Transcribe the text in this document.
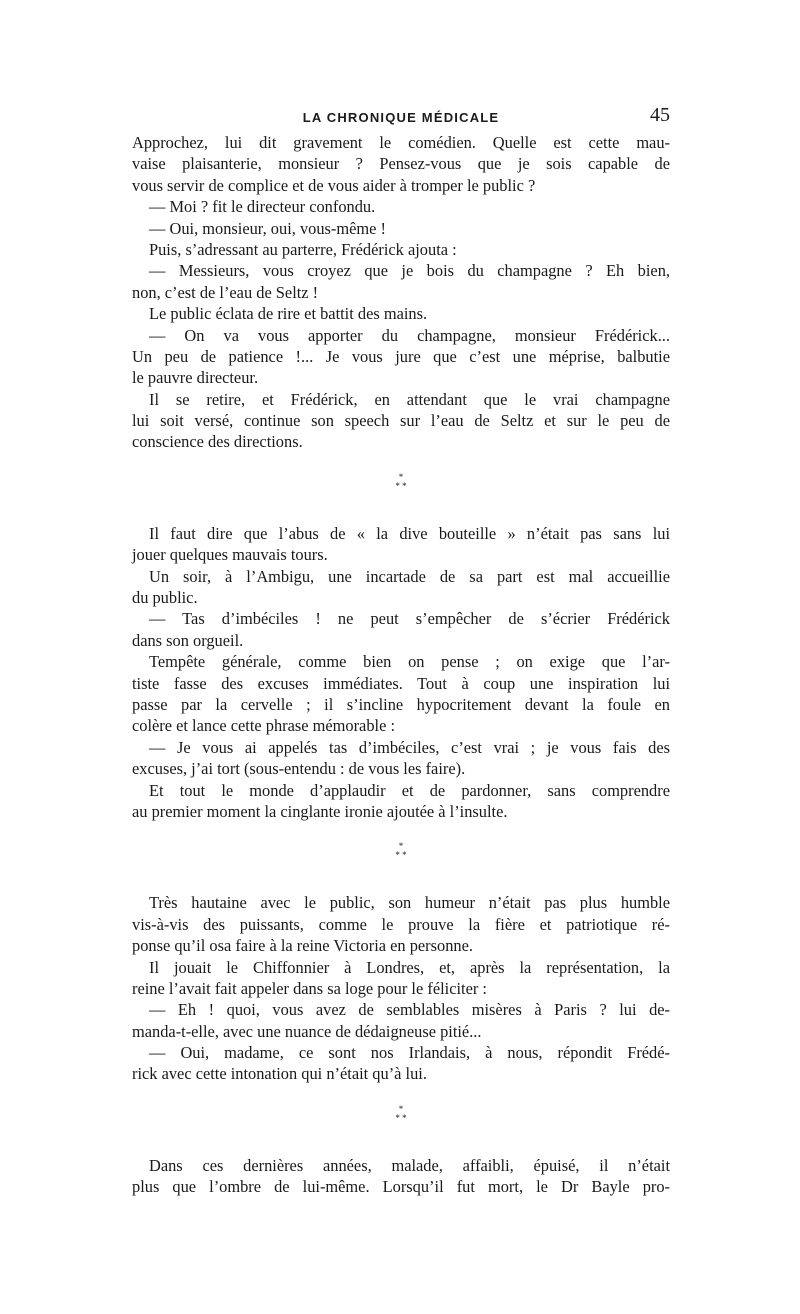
LA CHRONIQUE MÉDICALE	45
Approchez, lui dit gravement le comédien. Quelle est cette mau-
vaise plaisanterie, monsieur ? Pensez-vous que je sois capable de
vous servir de complice et de vous aider à tromper le public ?
— Moi ? fit le directeur confondu.
— Oui, monsieur, oui, vous-même !
Puis, s’adressant au parterre, Frédérick ajouta :
— Messieurs, vous croyez que je bois du champagne ? Eh bien,
non, c’est de l’eau de Seltz !
Le public éclata de rire et battit des mains.
— On va vous apporter du champagne, monsieur Frédérick...
Un peu de patience !... Je vous jure que c’est une méprise, balbutie
le pauvre directeur.
Il se retire, et Frédérick, en attendant que le vrai champagne
lui soit versé, continue son speech sur l’eau de Seltz et sur le peu de
conscience des directions.
*
* *
Il faut dire que l’abus de « la dive bouteille » n’était pas sans lui
jouer quelques mauvais tours.
Un soir, à l’Ambigu, une incartade de sa part est mal accueillie
du public.
— Tas d’imbéciles ! ne peut s’empêcher de s’écrier Frédérick
dans son orgueil.
Tempête générale, comme bien on pense ; on exige que l’ar-
tiste fasse des excuses immédiates. Tout à coup une inspiration lui
passe par la cervelle ; il s’incline hypocritement devant la foule en
colère et lance cette phrase mémorable :
— Je vous ai appelés tas d’imbéciles, c’est vrai ; je vous fais des
excuses, j’ai tort (sous-entendu : de vous les faire).
Et tout le monde d’applaudir et de pardonner, sans comprendre
au premier moment la cinglante ironie ajoutée à l’insulte.
*
* *
Très hautaine avec le public, son humeur n’était pas plus humble
vis-à-vis des puissants, comme le prouve la fière et patriotique ré-
ponse qu’il osa faire à la reine Victoria en personne.
Il jouait le Chiffonnier à Londres, et, après la représentation, la
reine l’avait fait appeler dans sa loge pour le féliciter :
— Eh ! quoi, vous avez de semblables misères à Paris ? lui de-
manda-t-elle, avec une nuance de dédaigneuse pitié...
— Oui, madame, ce sont nos Irlandais, à nous, répondit Frédé-
rick avec cette intonation qui n’était qu’à lui.
*
* *
Dans ces dernières années, malade, affaibli, épuisé, il n’était
plus que l’ombre de lui-même. Lorsqu’il fut mort, le Dr Bayle pro-
